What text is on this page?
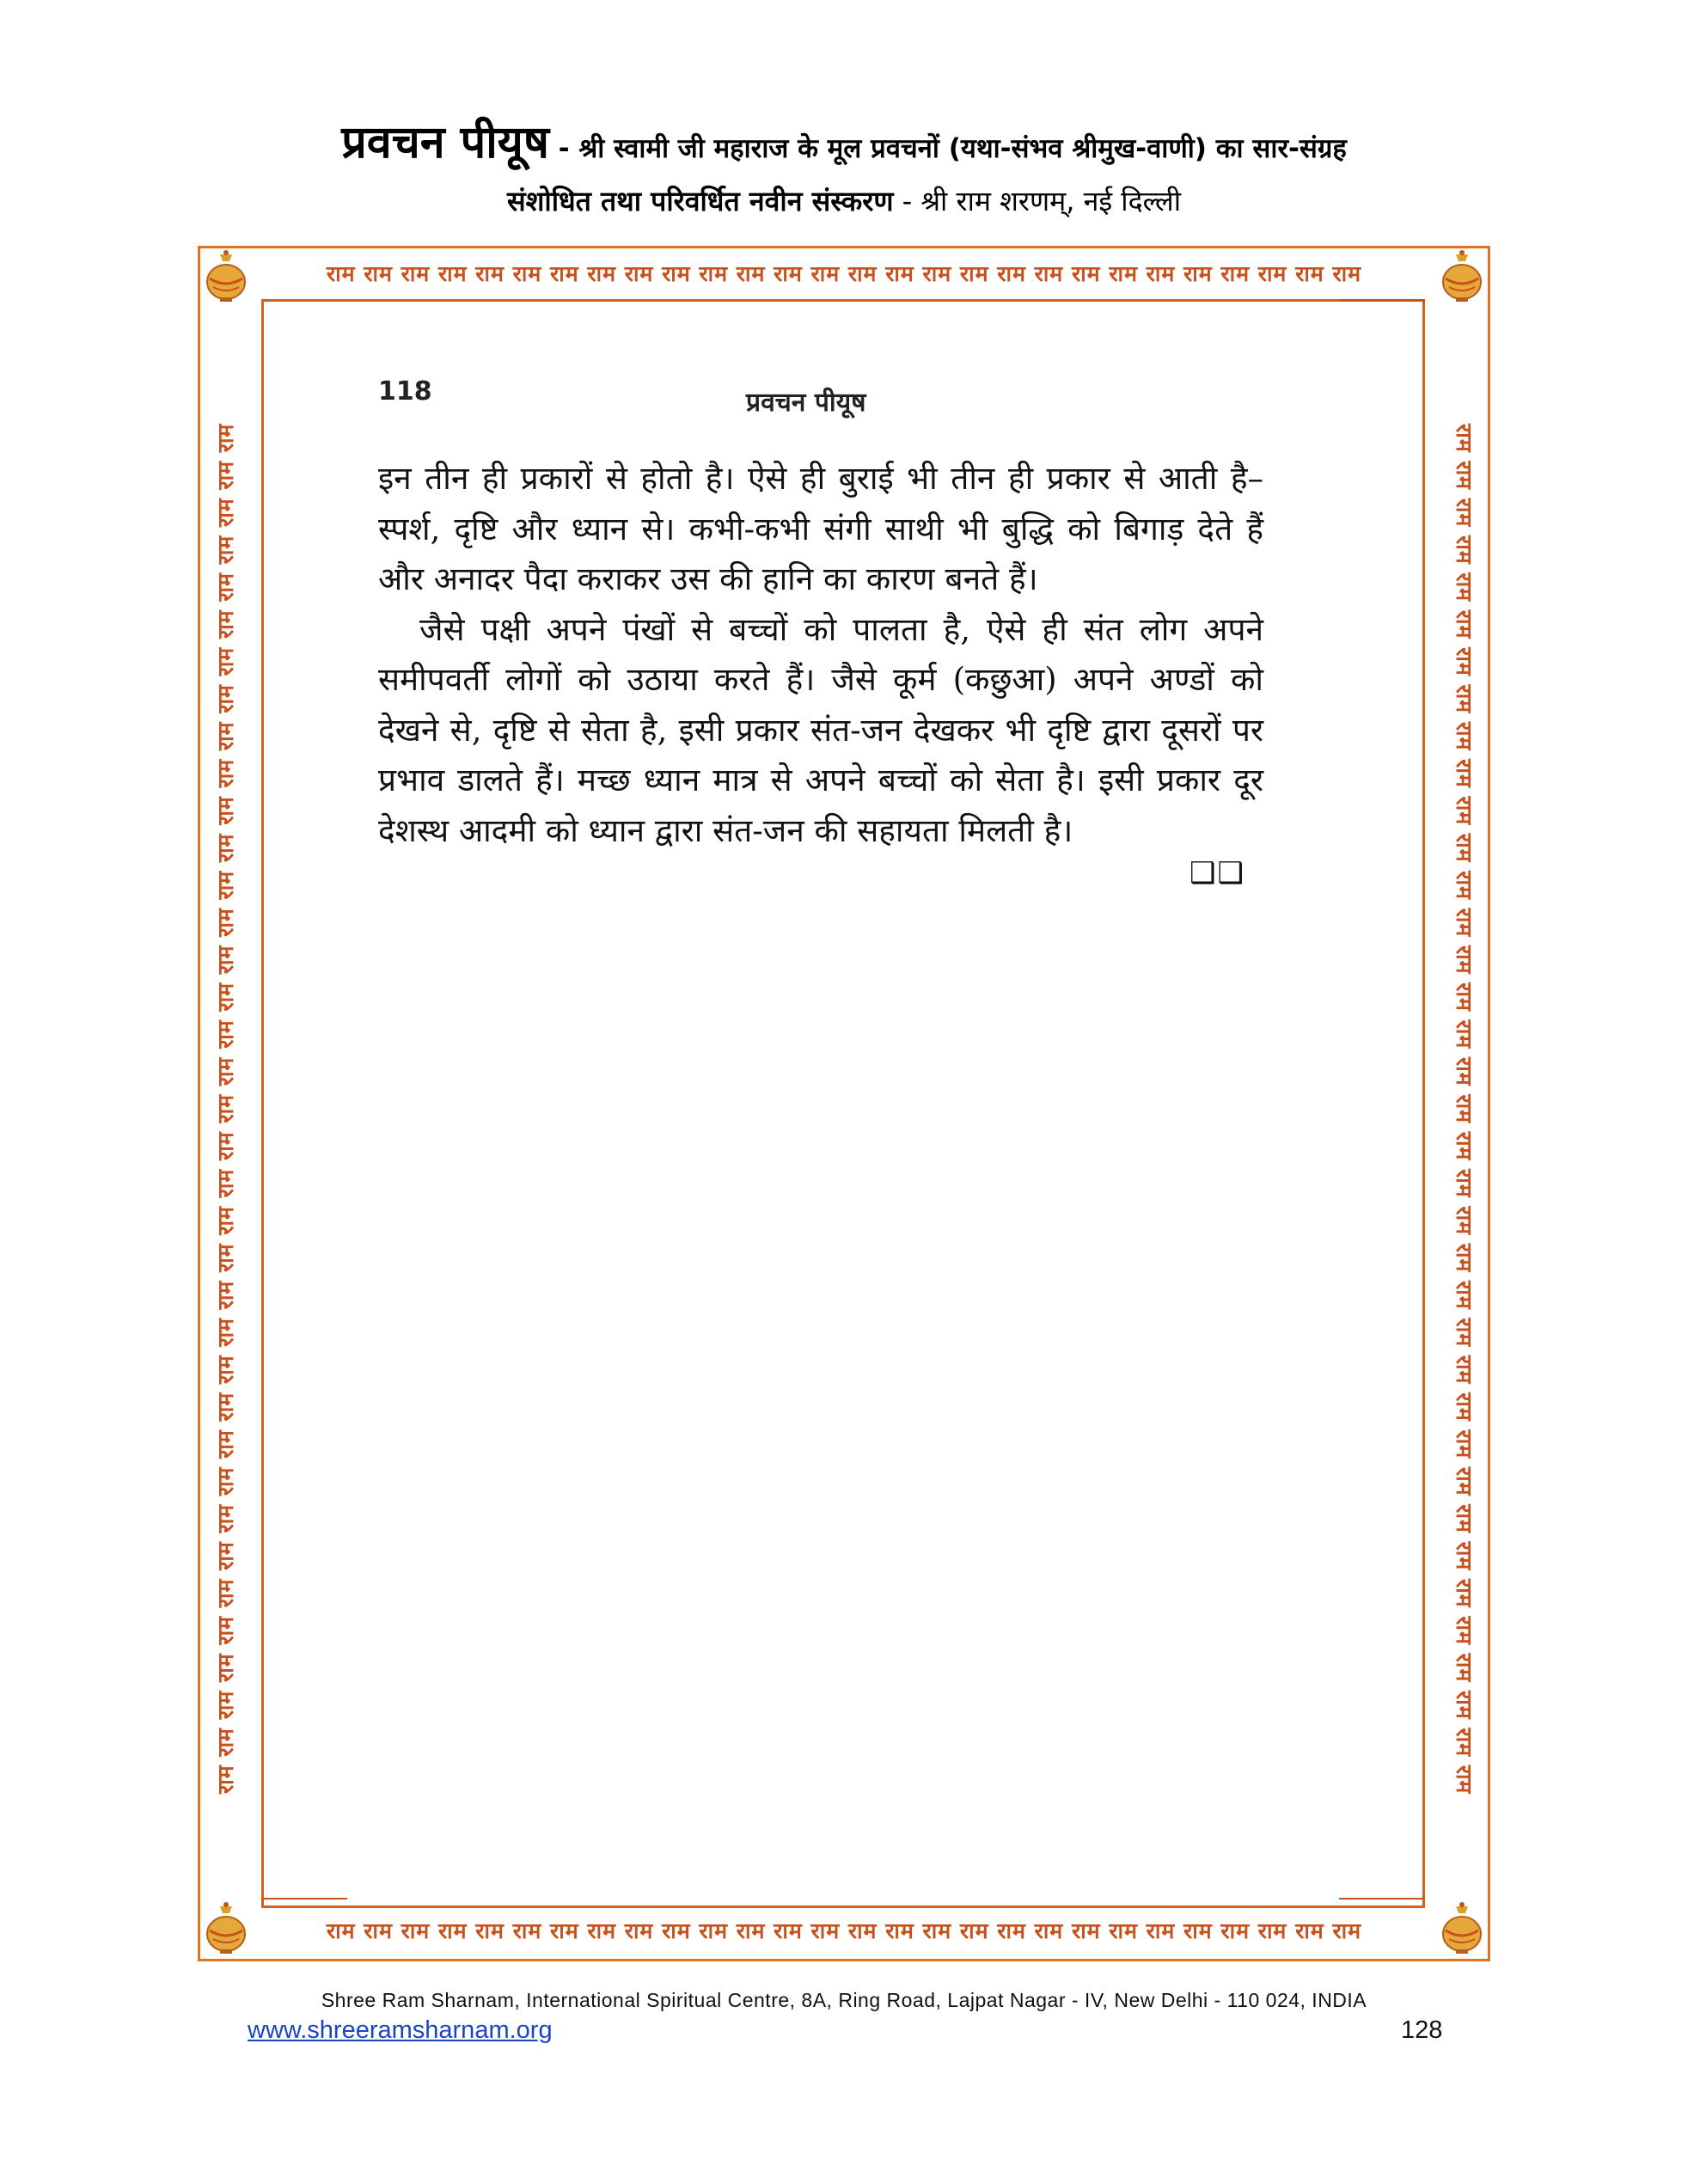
प्रवचन पीयूष - श्री स्वामी जी महाराज के मूल प्रवचनों (यथा-संभव श्रीमुख-वाणी) का सार-संग्रह
संशोधित तथा परिवर्धित नवीन संस्करण - श्री राम शरणम्, नई दिल्ली
राम राम राम राम राम राम राम राम राम राम राम राम राम राम राम राम राम राम राम राम राम राम राम राम राम राम राम राम
राम राम राम राम राम राम राम राम राम राम राम राम राम राम राम राम राम राम राम राम राम राम राम राम राम राम राम राम
राम राम राम राम राम राम राम राम राम राम राम राम राम राम राम राम राम राम राम राम राम राम राम राम राम राम राम राम राम राम राम राम राम राम राम राम राम	राम राम राम राम राम राम राम राम राम राम राम राम राम राम राम राम राम राम राम राम राम राम राम राम राम राम राम राम राम राम राम राम राम राम राम राम राम
118	प्रवचन पीयूष

इन तीन ही प्रकारों से होतो है। ऐसे ही बुराई भी तीन ही प्रकार से आती है– स्पर्श, दृष्टि और ध्यान से। कभी-कभी संगी साथी भी बुद्धि को बिगाड़ देते हैं और अनादर पैदा कराकर उस की हानि का कारण बनते हैं।

जैसे पक्षी अपने पंखों से बच्चों को पालता है, ऐसे ही संत लोग अपने समीपवर्ती लोगों को उठाया करते हैं। जैसे कूर्म (कछुआ) अपने अण्डों को देखने से, दृष्टि से सेता है, इसी प्रकार संत-जन देखकर भी दृष्टि द्वारा दूसरों पर प्रभाव डालते हैं। मच्छ ध्यान मात्र से अपने बच्चों को सेता है। इसी प्रकार दूर देशस्थ आदमी को ध्यान द्वारा संत-जन की सहायता मिलती है।

❑❑
Shree Ram Sharnam, International Spiritual Centre, 8A, Ring Road, Lajpat Nagar - IV, New Delhi - 110 024, INDIA
www.shreeramsharnam.org	128
